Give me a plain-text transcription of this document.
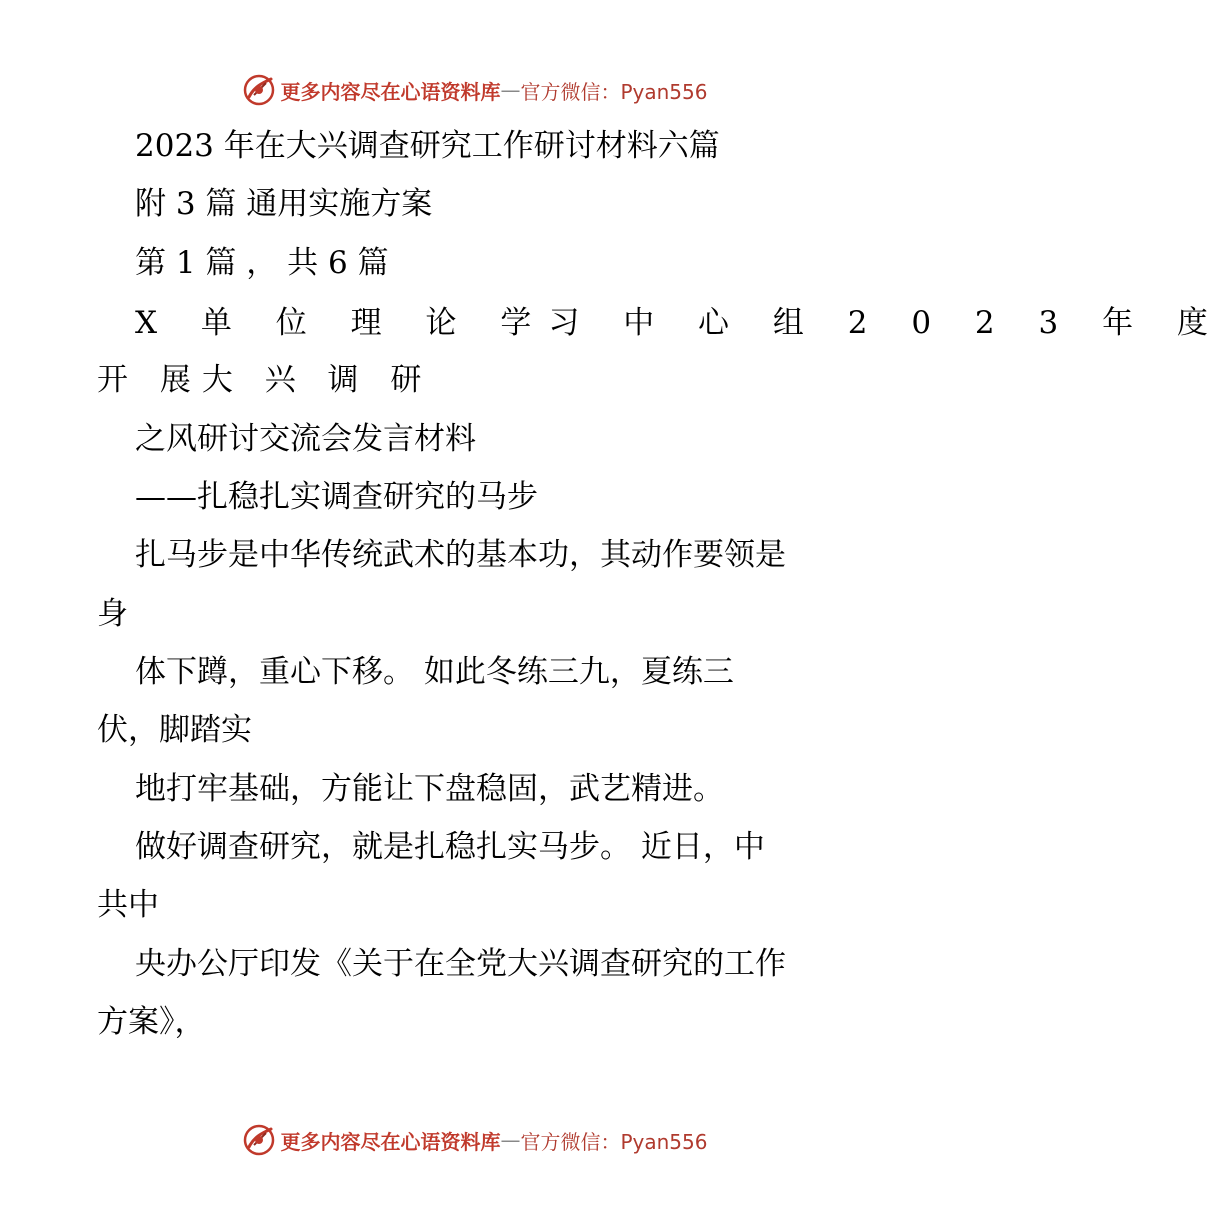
更多内容尽在心语资料库 — 官方微信：Pyan556
2023 年在大兴调查研究工作研讨材料六篇
附 3 篇 通用实施方案
第 1 篇 ， 共 6 篇
X 单 位 理 论 学习 中 心 组 2 0 2 3 年 度
开 展大 兴 调 研
之风研讨交流会发言材料
——扎稳扎实调查研究的马步
扎马步是中华传统武术的基本功，其动作要领是
身
体下蹲，重心下移。 如此冬练三九，夏练三
伏，脚踏实
地打牢基础，方能让下盘稳固，武艺精进。
做好调查研究，就是扎稳扎实马步。 近日，中
共中
央办公厅印发《关于在全党大兴调查研究的工作
方案》，
更多内容尽在心语资料库 — 官方微信：Pyan556
